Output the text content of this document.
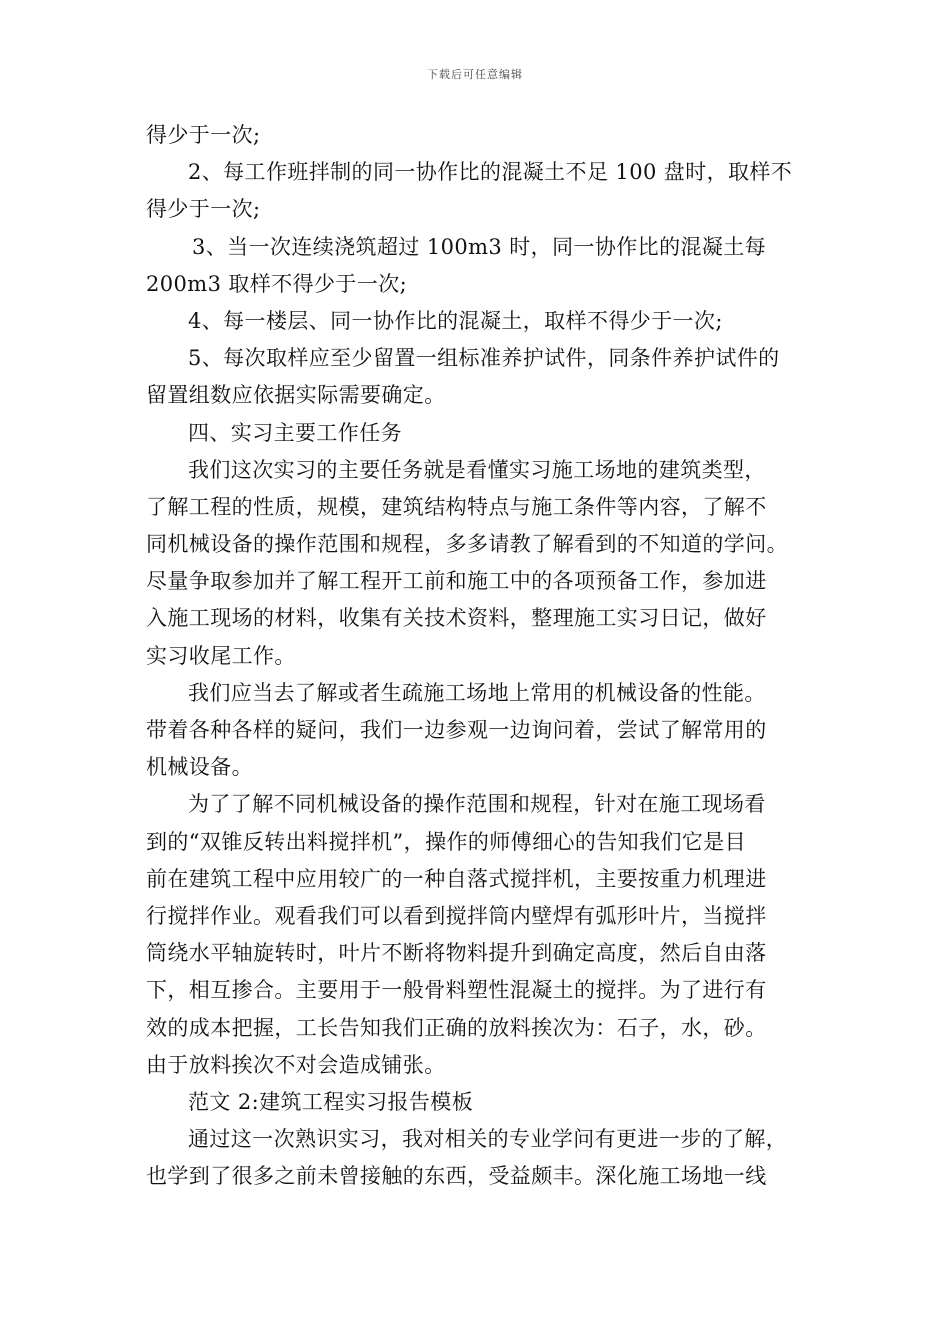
下载后可任意编辑
得少于一次;
2、每工作班拌制的同一协作比的混凝土不足 100 盘时，取样不
得少于一次;
3、当一次连续浇筑超过 100m3 时，同一协作比的混凝土每
200m3 取样不得少于一次;
4、每一楼层、同一协作比的混凝土，取样不得少于一次;
5、每次取样应至少留置一组标准养护试件，同条件养护试件的
留置组数应依据实际需要确定。
四、实习主要工作任务
我们这次实习的主要任务就是看懂实习施工场地的建筑类型，
了解工程的性质，规模，建筑结构特点与施工条件等内容，了解不
同机械设备的操作范围和规程，多多请教了解看到的不知道的学问。
尽量争取参加并了解工程开工前和施工中的各项预备工作，参加进
入施工现场的材料，收集有关技术资料，整理施工实习日记，做好
实习收尾工作。
我们应当去了解或者生疏施工场地上常用的机械设备的性能。
带着各种各样的疑问，我们一边参观一边询问着，尝试了解常用的
机械设备。
为了了解不同机械设备的操作范围和规程，针对在施工现场看
到的“双锥反转出料搅拌机”，操作的师傅细心的告知我们它是目
前在建筑工程中应用较广的一种自落式搅拌机，主要按重力机理进
行搅拌作业。观看我们可以看到搅拌筒内壁焊有弧形叶片，当搅拌
筒绕水平轴旋转时，叶片不断将物料提升到确定高度，然后自由落
下，相互掺合。主要用于一般骨料塑性混凝土的搅拌。为了进行有
效的成本把握，工长告知我们正确的放料挨次为：石子，水，砂。
由于放料挨次不对会造成铺张。
范文 2:建筑工程实习报告模板
通过这一次熟识实习，我对相关的专业学问有更进一步的了解，
也学到了很多之前未曾接触的东西，受益颇丰。深化施工场地一线
